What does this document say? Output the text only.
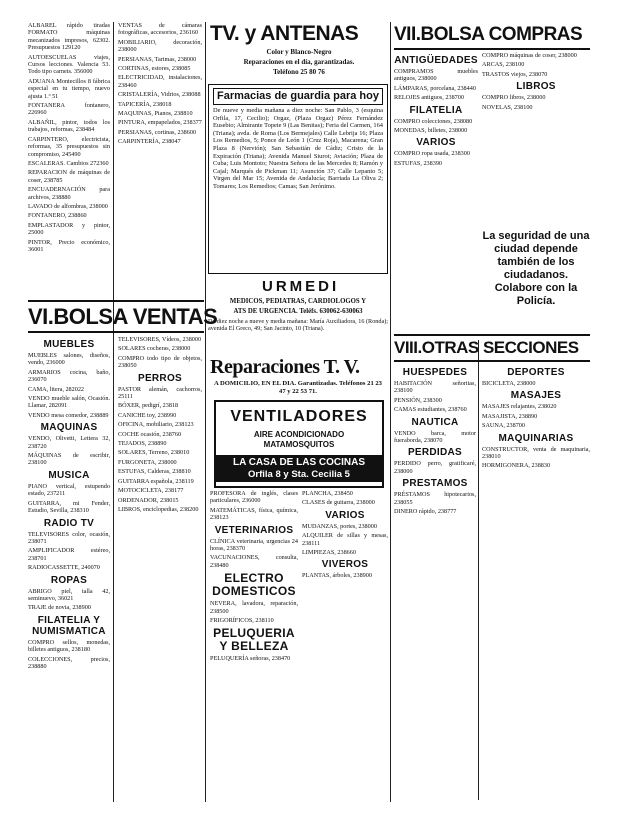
ALBAREL rápido tiradas FORMATO máquinas mecanizados impresos, 62302. Presupuestos 129120

AUTOESCUELAS viajes, Cursos lecciones. Valencia 53. Todo tipo carnets. 356000

ADUANA Montecillos 8 fábrica especial en tu tiempo, nuevo ajusta 1.º 51

FONTANERA fontanero, 226960

ALBAÑIL, pintor, todos los trabajos, reformas, 238484

CARPINTERO, electricista, reformas, 35 presupuestos sin compromiso, 245490

ESCALERAS. Cambios 272360

REPARACION de máquinas de coser, 238785

ENCUADERNACIÓN para archivos, 238880

LAVADO de alfombras, 238000

FONTANERO, 238860

EMPLASTADOR y pintor, 25000

PINTOR, Precio económico, 36001

VI.BOLSA VENTAS
MUEBLES

MUEBLES salones, diseños, vendo, 236000

ARMARIOS cocina, baño, 236070

CAMA, litera, 282022

VENDO mueble salón, Ocasión. Llamar, 282091

VENDO mesa comedor, 238889

MAQUINAS

VENDO, Olivetti, Lettera 32, 238720

MÁQUINAS de escribir, 238100

MUSICA

PIANO vertical, estupendo estado, 237211

GUITARRA, mi Fender, Estudio, Sevilla, 238310

RADIO TV

TELEVISORES color, ocasión, 238071

AMPLIFICADOR estéreo, 238701

RADIOCASSETTE, 240070

ROPAS

ABRIGO piel, talla 42, seminuevo, 36021

TRAJE de novia, 238900

FILATELIA Y NUMISMATICA

COMPRO sellos, monedas, billetes antiguos, 238180

COLECCIONES, precios, 238880

VENTAS de cámaras fotográficas, accesorios, 236160

MOBILIARIO, decoración, 238000

PERSIANAS, Tarimas, 238000

CORTINAS, estores, 238085

ELECTRICIDAD, instalaciones, 238460

CRISTALERÍA, Vidrios, 238088

TAPICERÍA, 238018

MAQUINAS, Pianos, 238810

PINTURA, empapelados, 238377

PERSIANAS, cortinas, 238600

CARPINTERÍA, 238047

TELEVISORES, Vídeos, 238000

SOLARES cocheras, 238000

COMPRO todo tipo de objetos, 238050

PERROS

PASTOR alemán, cachorros, 25111

BÓXER, pedigrí, 23818

CANICHE toy, 238990

OFICINA, mobiliario, 238123

COCHE ocasión, 238760

TEJADOS, 238890

SOLARES, Terreno, 238010

FURGONETA, 238000

ESTUFAS, Calderas, 238810

GUITARRA española, 238119

MOTOCICLETA, 238177

ORDENADOR, 238015

LIBROS, enciclopedias, 238200

TV. y ANTENAS

Color y Blanco-Negro

Reparaciones en el día, garantizadas.

Teléfono 25 80 76

Farmacias de guardia para hoy

De nueve y media mañana a diez noche: San Pablo, 3 (esquina Orfila, 17, Cecilio); Orgaz, (Plaza Orgaz) Pérez Fernández Eusebio; Almirante Topete 9 (Las Benitas); Feria del Carmen, 164 (Triana); avda. de Roma (Los Bermejales) Calle Lebrija 16; Plaza Los Remedios, 5; Ponce de León 1 (Cruz Roja), Macarena; Gran Plaza 8 (Nervión); San Sebastián de Cádiz; Cristo de la Expiración (Triana); Avenida Manuel Siurot; Aviación; Plaza de Cuba; Luis Montoto; Nuestra Señora de las Mercedes 8; Ramón y Cajal; Marqués de Pickman 11; Asunción 37; Calle Lepanto 5; Virgen del Mar 15; Avenida de Andalucía; Barriada La Oliva 2; Tomares; Los Remedios; Camas; San Jerónimo.

URMEDI

MEDICOS, PEDIATRAS, CARDIOLOGOS Y

ATS DE URGENCIA. Teléfs. 630062-630063

De diez noche a nueve y media mañana: María Auxiliadora, 16 (Ronda); avenida El Greco, 49; San Jacinto, 10 (Triana).

Reparaciones T. V.

A DOMICILIO, EN EL DIA. Garantizadas. Teléfonos 21 23 47 y 22 53 71.

VENTILADORES
AIRE ACONDICIONADO
MATAMOSQUITOS
LA CASA DE LAS COCINAS
Orfila 8 y Sta. Cecilia 5

PROFESORA de inglés, clases particulares, 236000

MATEMÁTICAS, física, química, 238123

VETERINARIOS

CLÍNICA veterinaria, urgencias 24 horas, 238370

VACUNACIONES, consulta, 238480

ELECTRO DOMESTICOS

NEVERA, lavadora, reparación, 238500

FRIGORÍFICOS, 238110

PELUQUERIA Y BELLEZA

PELUQUERÍA señoras, 238470

PLANCHA, 238450

CLASES de guitarra, 238000

VARIOS

MUDANZAS, portes, 238000

ALQUILER de sillas y mesas, 238111

LIMPIEZAS, 238660

VIVEROS

PLANTAS, árboles, 238900

VII.BOLSA COMPRAS
ANTIGÜEDADES

COMPRAMOS muebles antiguos, 238000

LÁMPARAS, porcelana, 238440

RELOJES antiguos, 238700

FILATELIA

COMPRO colecciones, 238080

MONEDAS, billetes, 238000

VARIOS

COMPRO ropa usada, 238300

ESTUFAS, 238390

COMPRO máquinas de coser, 238000

ARCAS, 238100

TRASTOS viejos, 238070

LIBROS

COMPRO libros, 238000

NOVELAS, 238100

La seguridad de una ciudad depende también de los ciudadanos. Colabore con la Policía.
VIII.OTRAS SECCIONES
HUESPEDES

HABITACIÓN señoritas, 238100

PENSIÓN, 238300

CAMAS estudiantes, 238760

NAUTICA

VENDO barca, motor fueraborda, 238070

PERDIDAS

PERDIDO perro, gratificaré, 238000

PRESTAMOS

PRÉSTAMOS hipotecarios, 238055

DINERO rápido, 238777

DEPORTES

BICICLETA, 238000

MASAJES

MASAJES relajantes, 238020

MASAJISTA, 238890

SAUNA, 238700

MAQUINARIAS

CONSTRUCTOR, venta de maquinaria, 238010

HORMIGONERA, 238830
